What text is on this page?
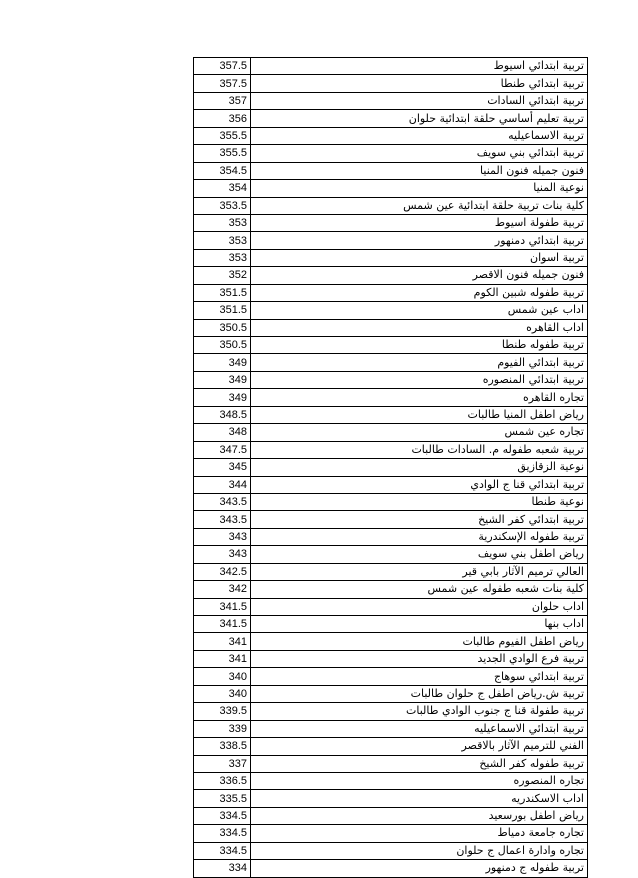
357.5	تربية ابتدائي اسيوط
357.5	تربية ابتدائي طنطا
357	تربية ابتدائي السادات
356	تربية تعليم أساسي حلقة ابتدائية حلوان
355.5	تربية الاسماعيليه
355.5	تربية ابتدائي بني سويف
354.5	فنون جميله فنون المنيا
354	نوعية المنيا
353.5	كلية بنات تربية حلقة ابتدائية عين شمس
353	تربية طفولة اسيوط
353	تربية ابتدائي دمنهور
353	تربية اسوان
352	فنون جميله فنون الاقصر
351.5	تربية طفوله شبين الكوم
351.5	اداب عين شمس
350.5	اداب القاهره
350.5	تربية طفوله طنطا
349	تربية ابتدائي الفيوم
349	تربية ابتدائي المنصوره
349	تجاره القاهره
348.5	رياض اطفل المنيا طالبات
348	تجاره عين شمس
347.5	تربية شعبه طفوله م. السادات طالبات
345	نوعية الزقازيق
344	تربية ابتدائي قنا ج الوادي
343.5	نوعية طنطا
343.5	تربية ابتدائي كفر الشيخ
343	تربية طفوله الإسكندرية
343	رياض اطفل بني سويف
342.5	العالي ترميم الآثار بابي قير
342	كلية بنات شعبه طفوله عين شمس
341.5	اداب حلوان
341.5	اداب بنها
341	رياض اطفل الفيوم طالبات
341	تربية فرع الوادي الجديد
340	تربية ابتدائي سوهاج
340	تربية ش.رياض اطفل ج حلوان طالبات
339.5	تربية طفولة قنا ج جنوب الوادي طالبات
339	تربية ابتدائي الاسماعيليه
338.5	الفني للترميم الآثار بالاقصر
337	تربية طفوله كفر الشيخ
336.5	تجاره المنصوره
335.5	اداب الاسكندريه
334.5	رياض اطفل بورسعيد
334.5	تجاره جامعة دمياط
334.5	تجاره وادارة اعمال ج حلوان
334	تربية طفوله ج دمنهور
